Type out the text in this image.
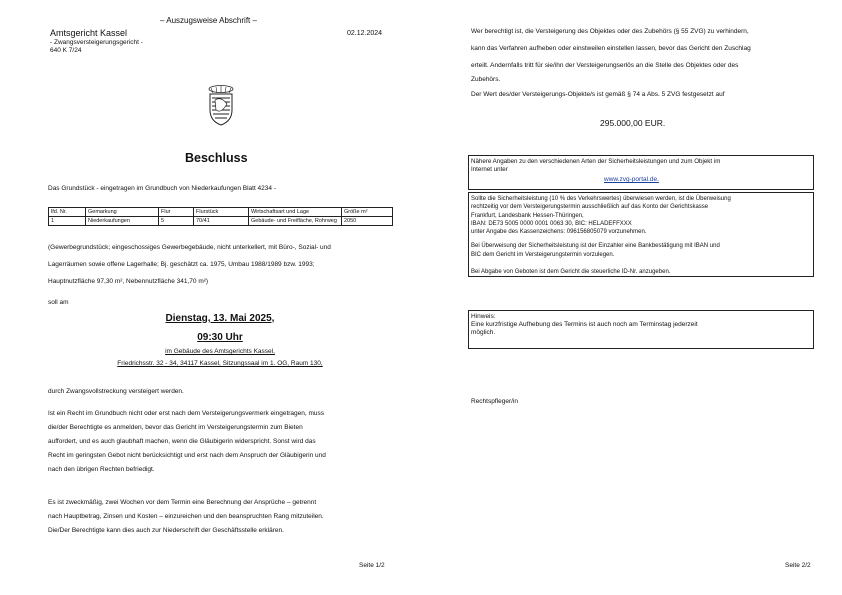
– Auszugsweise Abschrift –
Amtsgericht Kassel	02.12.2024
- Zwangsversteigerungsgericht -
640 K 7/24
Beschluss
Das Grundstück - eingetragen im Grundbuch von Niederkaufungen Blatt 4234 -
lfd. Nr.	Gemarkung	Flur	Flurstück	Wirtschaftsart und Lage	Größe m²
1	Niederkaufungen	5	70/41	Gebäude- und Freifläche, Rohrweg	2050

(Gewerbegrundstück; eingeschossiges Gewerbegebäude, nicht unterkellert, mit Büro-, Sozial- und

Lagerräumen sowie offene Lagerhalle; Bj. geschätzt ca. 1975, Umbau 1988/1989 bzw. 1993;

Hauptnutzfläche 97,30 m², Nebennutzfläche 341,70 m²)

soll am
Dienstag, 13. Mai 2025,
09:30 Uhr
im Gebäude des Amtsgerichts Kassel,
Friedrichsstr. 32 - 34, 34117 Kassel, Sitzungssaal im 1. OG, Raum 130,
durch Zwangsvollstreckung versteigert werden.

Ist ein Recht im Grundbuch nicht oder erst nach dem Versteigerungsvermerk eingetragen, muss

die/der Berechtigte es anmelden, bevor das Gericht im Versteigerungstermin zum Bieten

auffordert, und es auch glaubhaft machen, wenn die Gläubigerin widerspricht. Sonst wird das

Recht im geringsten Gebot nicht berücksichtigt und erst nach dem Anspruch der Gläubigerin und

nach den übrigen Rechten befriedigt.

Es ist zweckmäßig, zwei Wochen vor dem Termin eine Berechnung der Ansprüche – getrennt

nach Hauptbetrag, Zinsen und Kosten – einzureichen und den beanspruchten Rang mitzuteilen.

Die/Der Berechtigte kann dies auch zur Niederschrift der Geschäftsstelle erklären.

Seite 1/2

Wer berechtigt ist, die Versteigerung des Objektes oder des Zubehörs (§ 55 ZVG) zu verhindern,

kann das Verfahren aufheben oder einstweilen einstellen lassen, bevor das Gericht den Zuschlag

erteilt. Andernfalls tritt für sie/ihn der Versteigerungserlös an die Stelle des Objektes oder des

Zubehörs.

Der Wert des/der Versteigerungs-Objekte/s ist gemäß § 74 a Abs. 5 ZVG festgesetzt auf
295.000,00 EUR.
Nähere Angaben zu den verschiedenen Arten der Sicherheitsleistungen und zum Objekt im
Internet unter
www.zvg-portal.de.

Sollte die Sicherheitsleistung (10 % des Verkehrswertes) überwiesen werden, ist die Überweisung

rechtzeitig vor dem Versteigerungstermin ausschließlich auf das Konto der Gerichtskasse

Frankfurt, Landesbank Hessen-Thüringen,

IBAN: DE73 5005 0000 0001 0063 30, BIC: HELADEFFXXX

unter Angabe des Kassenzeichens: 096156805079 vorzunehmen.

Bei Überweisung der Sicherheitsleistung ist der Einzahler eine Bankbestätigung mit IBAN und

BIC dem Gericht im Versteigerungstermin vorzulegen.

Bei Abgabe von Geboten ist dem Gericht die steuerliche ID-Nr. anzugeben.

Hinweis:

Eine kurzfristige Aufhebung des Termins ist auch noch am Terminstag jederzeit

möglich.

Rechtspfleger/in
Seite 2/2
